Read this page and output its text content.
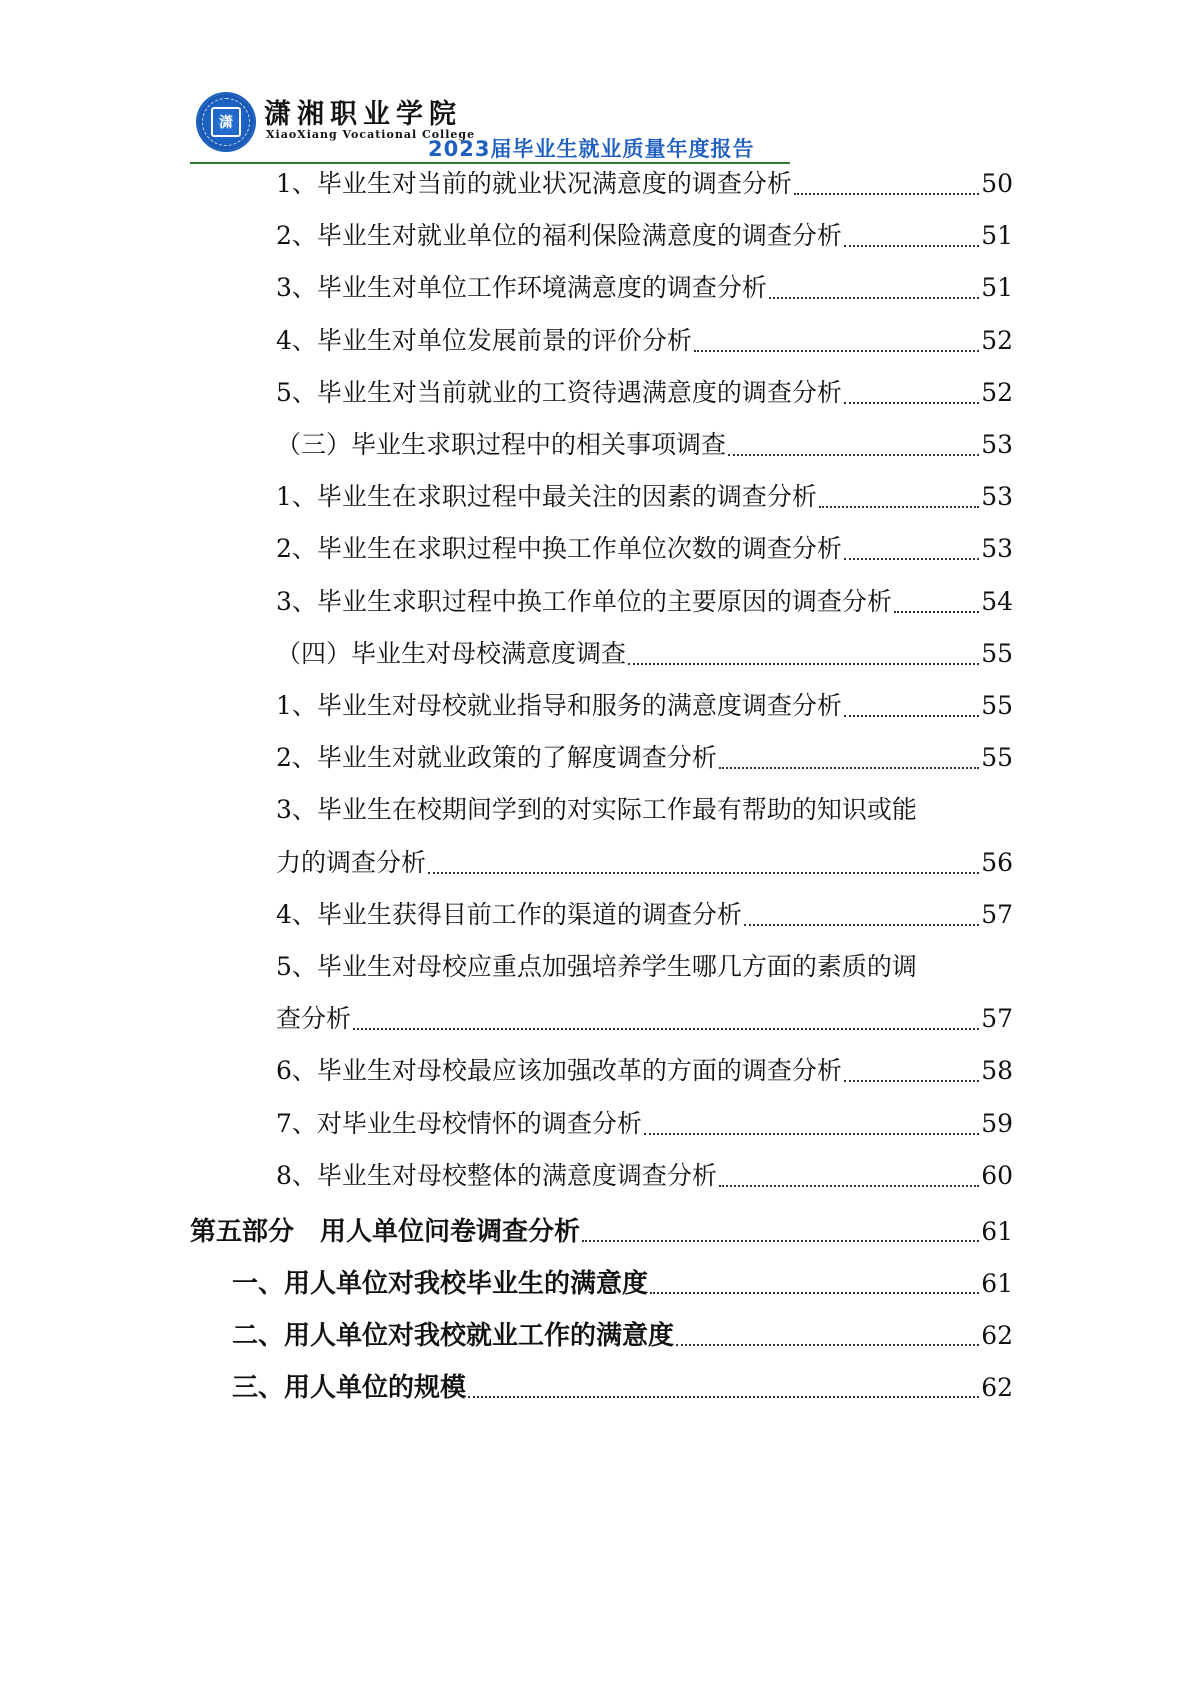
潇 潇湘职业学院
XiaoXiang Vocational College
2023届毕业生就业质量年度报告
1、毕业生对当前的就业状况满意度的调查分析	50
2、毕业生对就业单位的福利保险满意度的调查分析	51
3、毕业生对单位工作环境满意度的调查分析	51
4、毕业生对单位发展前景的评价分析	52
5、毕业生对当前就业的工资待遇满意度的调查分析	52
（三）毕业生求职过程中的相关事项调查	53
1、毕业生在求职过程中最关注的因素的调查分析	53
2、毕业生在求职过程中换工作单位次数的调查分析	53
3、毕业生求职过程中换工作单位的主要原因的调查分析	54
（四）毕业生对母校满意度调查	55
1、毕业生对母校就业指导和服务的满意度调查分析	55
2、毕业生对就业政策的了解度调查分析	55
3、毕业生在校期间学到的对实际工作最有帮助的知识或能
力的调查分析	56
4、毕业生获得目前工作的渠道的调查分析	57
5、毕业生对母校应重点加强培养学生哪几方面的素质的调
查分析	57
6、毕业生对母校最应该加强改革的方面的调查分析	58
7、对毕业生母校情怀的调查分析	59
8、毕业生对母校整体的满意度调查分析	60
第五部分　用人单位问卷调查分析	61
一、用人单位对我校毕业生的满意度	61
二、用人单位对我校就业工作的满意度	62
三、用人单位的规模	62
